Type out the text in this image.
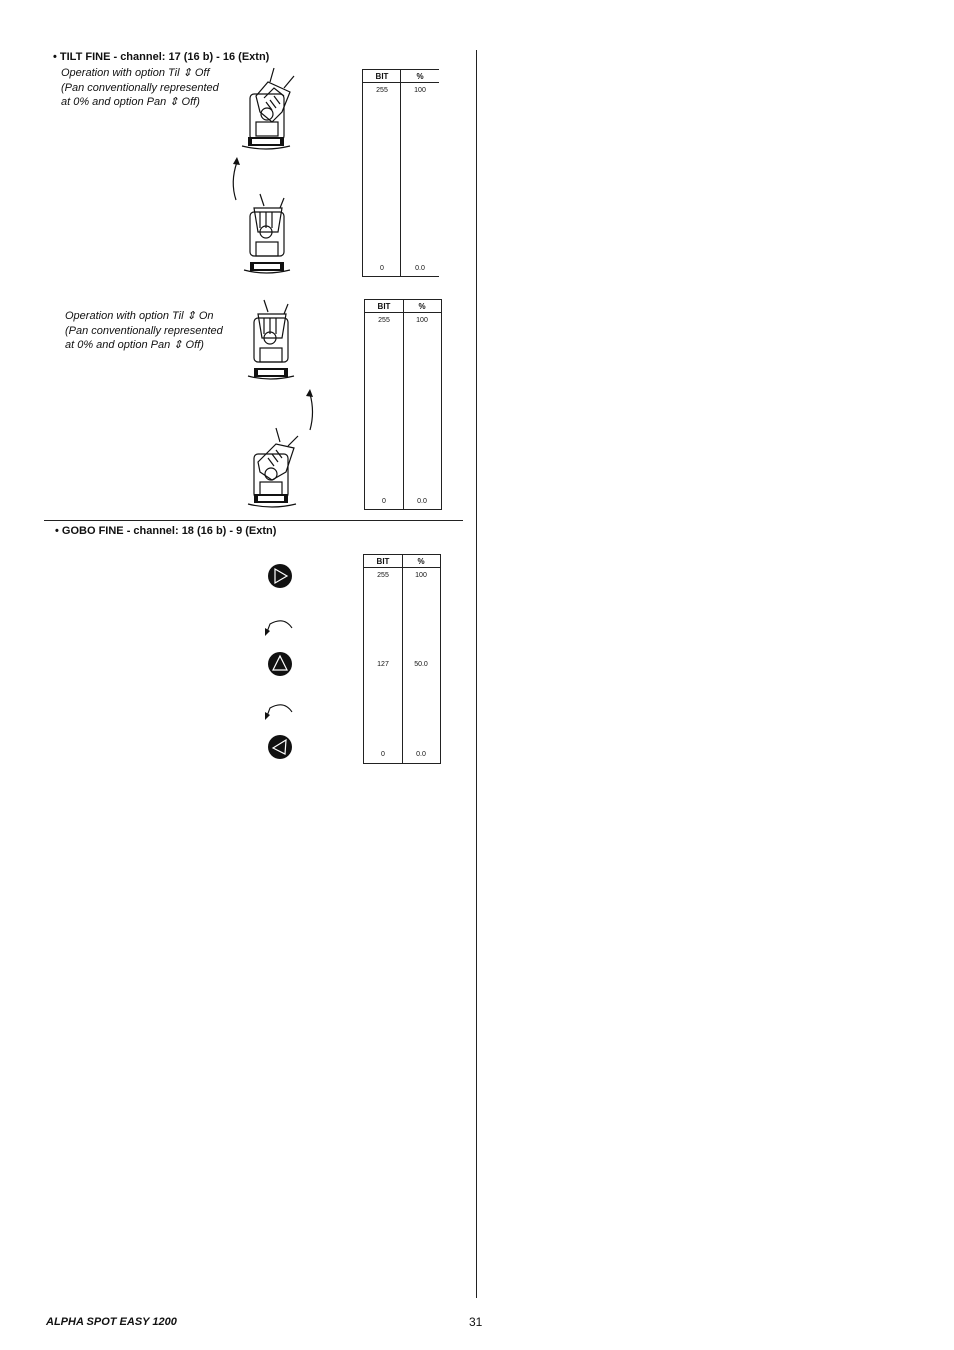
• TILT FINE - channel: 17 (16 b) - 16 (Extn)
Operation with option Til ⇕ Off
(Pan conventionally represented
at 0% and option Pan ⇕ Off)
Operation with option Til ⇕ On
(Pan conventionally represented
at 0% and option Pan ⇕ Off)
BIT	%
255	100
0	0.0
BIT	%
255	100
0	0.0
• GOBO FINE - channel: 18 (16 b) - 9 (Extn)
BIT	%
255	100
127	50.0
0	0.0
ALPHA SPOT EASY 1200	31
